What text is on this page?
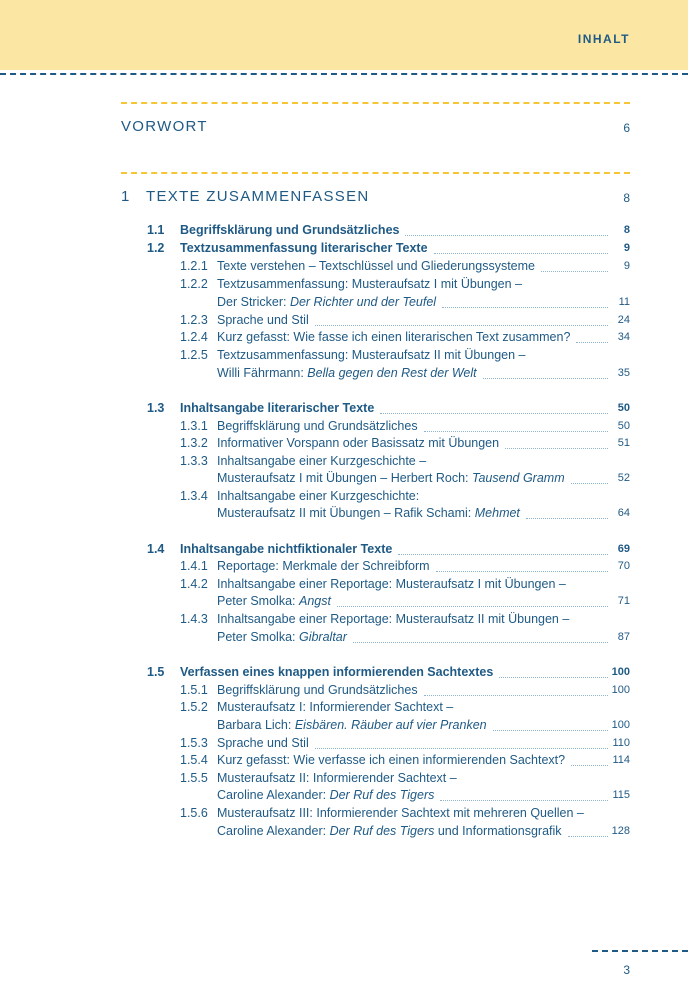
INHALT
VORWORT	6
1 TEXTE ZUSAMMENFASSEN	8
1.1 Begriffsklärung und Grundsätzliches	8
1.2 Textzusammenfassung literarischer Texte	9
1.2.1 Texte verstehen – Textschlüssel und Gliederungssysteme	9
1.2.2 Textzusammenfassung: Musteraufsatz I mit Übungen –
Der Stricker: Der Richter und der Teufel	11
1.2.3 Sprache und Stil	24
1.2.4 Kurz gefasst: Wie fasse ich einen literarischen Text zusammen?	34
1.2.5 Textzusammenfassung: Musteraufsatz II mit Übungen –
Willi Fährmann: Bella gegen den Rest der Welt	35
1.3 Inhaltsangabe literarischer Texte	50
1.3.1 Begriffsklärung und Grundsätzliches	50
1.3.2 Informativer Vorspann oder Basissatz mit Übungen	51
1.3.3 Inhaltsangabe einer Kurzgeschichte –
Musteraufsatz I mit Übungen – Herbert Roch: Tausend Gramm	52
1.3.4 Inhaltsangabe einer Kurzgeschichte:
Musteraufsatz II mit Übungen – Rafik Schami: Mehmet	64
1.4 Inhaltsangabe nichtfiktionaler Texte	69
1.4.1 Reportage: Merkmale der Schreibform	70
1.4.2 Inhaltsangabe einer Reportage: Musteraufsatz I mit Übungen –
Peter Smolka: Angst	71
1.4.3 Inhaltsangabe einer Reportage: Musteraufsatz II mit Übungen –
Peter Smolka: Gibraltar	87
1.5 Verfassen eines knappen informierenden Sachtextes	100
1.5.1 Begriffsklärung und Grundsätzliches	100
1.5.2 Musteraufsatz I: Informierender Sachtext –
Barbara Lich: Eisbären. Räuber auf vier Pranken	100
1.5.3 Sprache und Stil	110
1.5.4 Kurz gefasst: Wie verfasse ich einen informierenden Sachtext?	114
1.5.5 Musteraufsatz II: Informierender Sachtext –
Caroline Alexander: Der Ruf des Tigers	115
1.5.6 Musteraufsatz III: Informierender Sachtext mit mehreren Quellen –
Caroline Alexander: Der Ruf des Tigers und Informationsgrafik	128
3
